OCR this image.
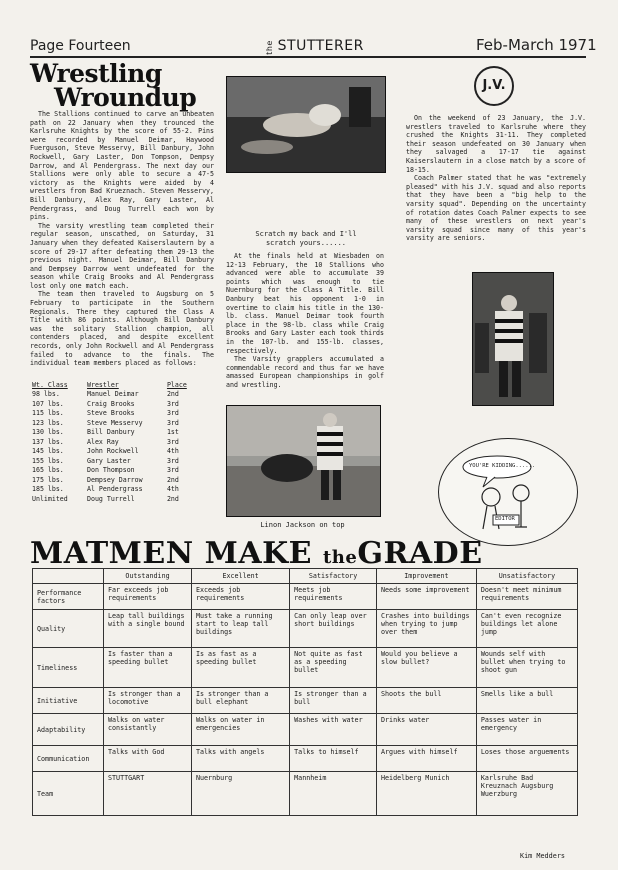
Page Fourteen	the STUTTERER	Feb-March 1971
Wrestling
Wroundup

The Stallions continued to carve an unbeaten path on 22 January when they trounced the Karlsruhe Knights by the score of 55-2. Pins were recorded by Manuel Deimar, Haywood Fuerguson, Steve Messervy, Bill Danbury, John Rockwell, Gary Laster, Don Tompson, Dempsy Darrow, and Al Pendergrass. The next day our Stallions were only able to secure a 47-5 victory as the Knights were aided by 4 wrestlers from Bad Krueznach. Steven Messervy, Bill Danbury, Alex Ray, Gary Laster, Al Pendergrass, and Doug Turrell each won by pins.

The varsity wrestling team completed their regular season, unscathed, on Saturday, 31 January when they defeated Kaiserslautern by a score of 29-17 after defeating them 29-13 the previous night. Manuel Deimar, Bill Danbury and Dempsey Darrow went undefeated for the season while Craig Brooks and Al Pendergrass lost only one match each.

The team then traveled to Augsburg on 5 February to participate in the Southern Regionals. There they captured the Class A Title with 86 points. Although Bill Danbury was the solitary Stallion champion, all contenders placed, and despite excellent records, only John Rockwell and Al Pendergrass failed to advance to the finals. The individual team members placed as follows:

Wt. Class	Wrestler	Place
98 lbs.	Manuel Deimar	2nd
107 lbs.	Craig Brooks	3rd
115 lbs.	Steve Brooks	3rd
123 lbs.	Steve Messervy	3rd
130 lbs.	Bill Danbury	1st
137 lbs.	Alex Ray	3rd
145 lbs.	John Rockwell	4th
155 lbs.	Gary Laster	3rd
165 lbs.	Don Thompson	3rd
175 lbs.	Dempsey Darrow	2nd
185 lbs.	Al Pendergrass	4th
Unlimited	Doug Turrell	2nd
Scratch my back and I'll scratch yours......

At the finals held at Wiesbaden on 12-13 February, the 10 Stallions who advanced were able to accumulate 39 points which was enough to tie Nuernburg for the Class A Title. Bill Danbury beat his opponent 1-0 in overtime to claim his title in the 130-lb. class. Manuel Deimar took fourth place in the 98-lb. class while Craig Brooks and Gary Laster each took thirds in the 107-lb. and 155-lb. classes, respectively.

The Varsity grapplers accumulated a commendable record and thus far we have amassed European championships in golf and wrestling.

Linon Jackson on top
J.V.

On the weekend of 23 January, the J.V. wrestlers traveled to Karlsruhe where they crushed the Knights 31-11. They completed their season undefeated on 30 January when they salvaged a 17-17 tie against Kaiserslautern in a close match by a score of 18-15.

Coach Palmer stated that he was "extremely pleased" with his J.V. squad and also reports that they have been a "big help to the varsity squad". Depending on the uncertainty of rotation dates Coach Palmer expects to see many of these wrestlers on next year's varsity squad since many of this year's varsity are seniors.

YOU'RE KIDDING......
EDITOR
MATMEN MAKE theGRADE
	Outstanding	Excellent	Satisfactory	Improvement	Unsatisfactory
Performance factors	Far exceeds job requirements	Exceeds job requirements	Meets job requirements	Needs some improvement	Doesn't meet minimum requirements
Quality	Leap tall buildings with a single bound	Must take a running start to leap tall buildings	Can only leap over short buildings	Crashes into buildings when trying to jump over them	Can't even recognize buildings let alone jump
Timeliness	Is faster than a speeding bullet	Is as fast as a speeding bullet	Not quite as fast as a speeding bullet	Would you believe a slow bullet?	Wounds self with bullet when trying to shoot gun
Initiative	Is stronger than a locomotive	Is stronger than a bull elephant	Is stronger than a bull	Shoots the bull	Smells like a bull
Adaptability	Walks on water consistantly	Walks on water in emergencies	Washes with water	Drinks water	Passes water in emergency
Communication	Talks with God	Talks with angels	Talks to himself	Argues with himself	Loses those arguements
Team	STUTTGART	Nuernburg	Mannheim	Heidelberg Munich	Karlsruhe Bad Kreuznach Augsburg Wuerzburg
Kim Medders
